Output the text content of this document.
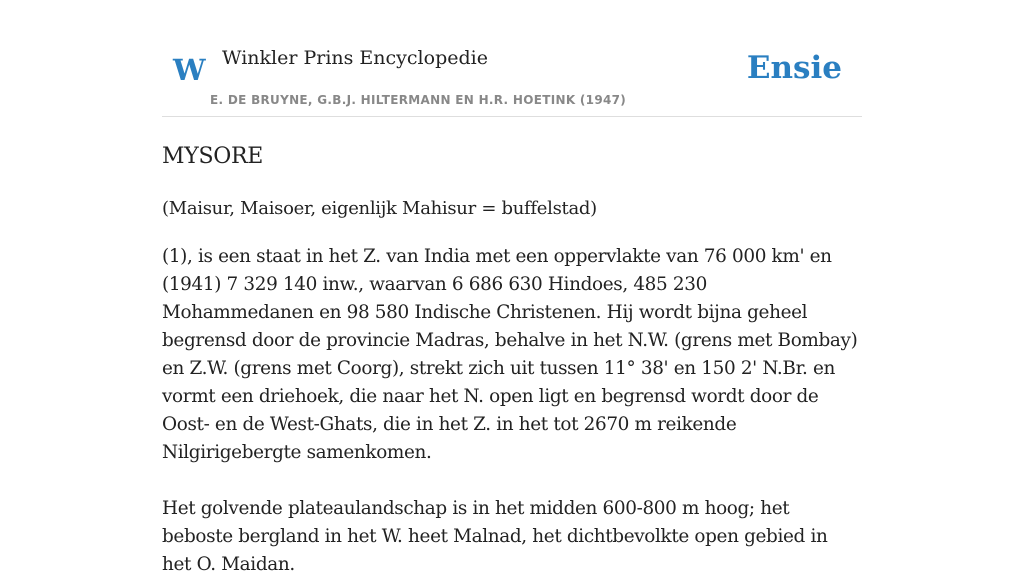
W Winkler Prins Encyclopedie
E. DE BRUYNE, G.B.J. HILTERMANN EN H.R. HOETINK (1947)
Ensie
MYSORE

(Maisur, Maisoer, eigenlijk Mahisur = buffelstad)

(1), is een staat in het Z. van India met een oppervlakte van 76 000 km' en (1941) 7 329 140 inw., waarvan 6 686 630 Hindoes, 485 230 Mohammedanen en 98 580 Indische Christenen. Hij wordt bijna geheel begrensd door de provincie Madras, behalve in het N.W. (grens met Bombay) en Z.W. (grens met Coorg), strekt zich uit tussen 11° 38' en 150 2' N.Br. en vormt een driehoek, die naar het N. open ligt en begrensd wordt door de Oost- en de West-Ghats, die in het Z. in het tot 2670 m reikende Nilgirigebergte samenkomen.

Het golvende plateaulandschap is in het midden 600-800 m hoog; het beboste bergland in het W. heet Malnad, het dichtbevolkte open gebied in het O. Maidan.
